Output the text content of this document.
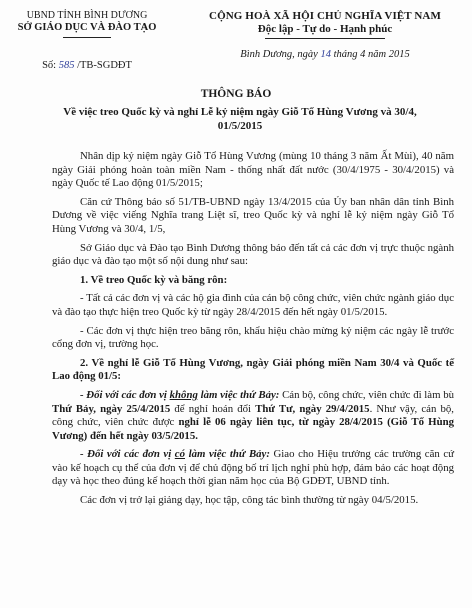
UBND TỈNH BÌNH DƯƠNG
SỞ GIÁO DỤC VÀ ĐÀO TẠO
Số: 585 /TB-SGDĐT
CỘNG HOÀ XÃ HỘI CHỦ NGHĨA VIỆT NAM
Độc lập - Tự do - Hạnh phúc
Bình Dương, ngày 14 tháng 4 năm 2015
THÔNG BÁO
Về việc treo Quốc kỳ và nghỉ Lễ kỷ niệm ngày Giỗ Tổ Hùng Vương và 30/4, 01/5/2015

Nhân dịp kỷ niệm ngày Giỗ Tổ Hùng Vương (mùng 10 tháng 3 năm Ất Mùi), 40 năm ngày Giải phóng hoàn toàn miền Nam - thống nhất đất nước (30/4/1975 - 30/4/2015) và ngày Quốc tế Lao động 01/5/2015;

Căn cứ Thông báo số 51/TB-UBND ngày 13/4/2015 của Ủy ban nhân dân tỉnh Bình Dương về việc viếng Nghĩa trang Liệt sĩ, treo Quốc kỳ và nghỉ lễ kỷ niệm ngày Giỗ Tổ Hùng Vương và 30/4, 1/5,

Sở Giáo dục và Đào tạo Bình Dương thông báo đến tất cả các đơn vị trực thuộc ngành giáo dục và đào tạo một số nội dung như sau:

1. Về treo Quốc kỳ và băng rôn:

- Tất cả các đơn vị và các hộ gia đình của cán bộ công chức, viên chức ngành giáo dục và đào tạo thực hiện treo Quốc kỳ từ ngày 28/4/2015 đến hết ngày 01/5/2015.

- Các đơn vị thực hiện treo băng rôn, khẩu hiệu chào mừng kỷ niệm các ngày lễ trước cổng đơn vị, trường học.

2. Về nghỉ lễ Giỗ Tổ Hùng Vương, ngày Giải phóng miền Nam 30/4 và Quốc tế Lao động 01/5:

- Đối với các đơn vị không làm việc thứ Bảy: Cán bộ, công chức, viên chức đi làm bù Thứ Bảy, ngày 25/4/2015 để nghỉ hoán đổi Thứ Tư, ngày 29/4/2015. Như vậy, cán bộ, công chức, viên chức được nghỉ lễ 06 ngày liên tục, từ ngày 28/4/2015 (Giỗ Tổ Hùng Vương) đến hết ngày 03/5/2015.

- Đối với các đơn vị có làm việc thứ Bảy: Giao cho Hiệu trưởng các trường căn cứ vào kế hoạch cụ thể của đơn vị để chủ động bố trí lịch nghỉ phù hợp, đảm bảo các hoạt động dạy và học theo đúng kế hoạch thời gian năm học của Bộ GDĐT, UBND tỉnh.

Các đơn vị trở lại giảng dạy, học tập, công tác bình thường từ ngày 04/5/2015.
